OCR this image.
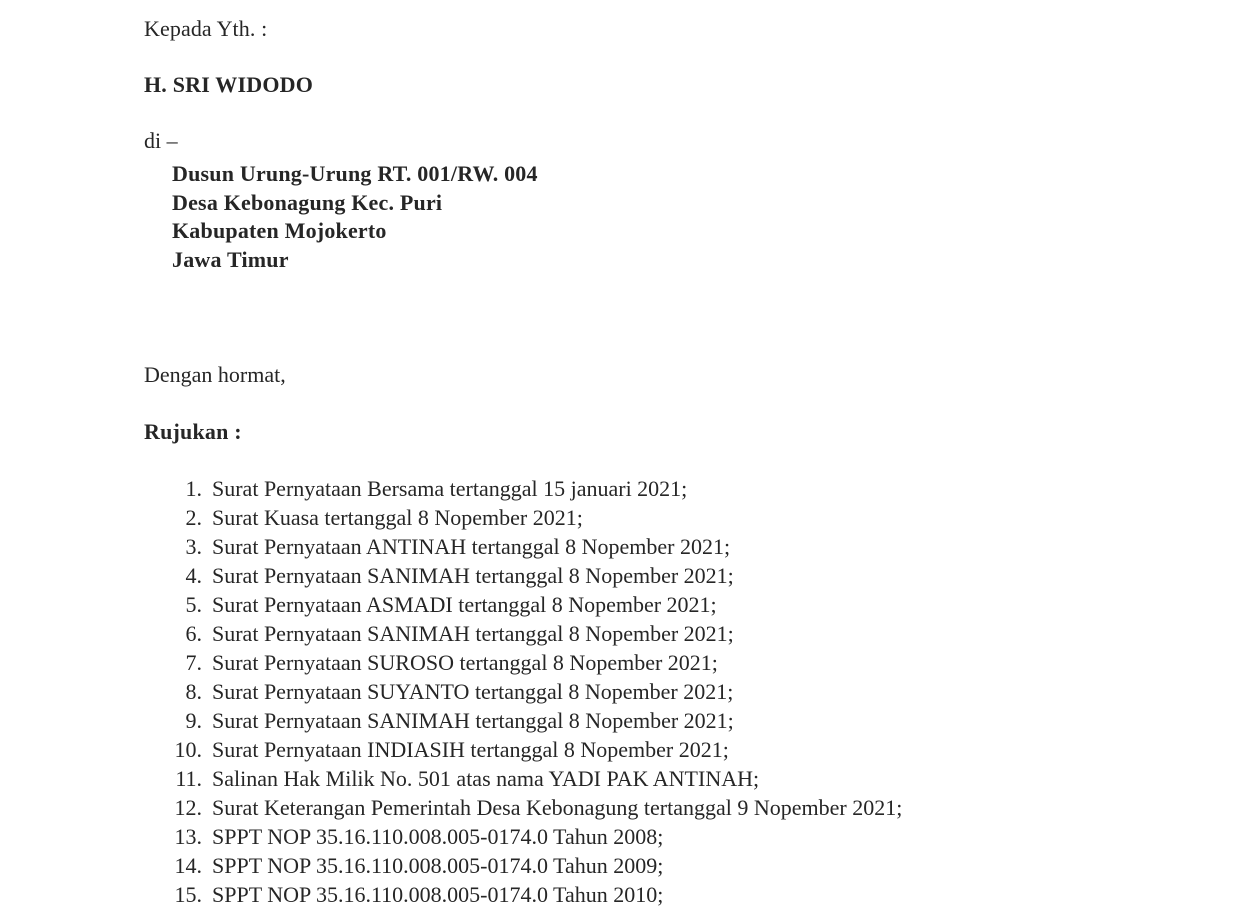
Kepada Yth. :
H. SRI WIDODO
di –
Dusun Urung-Urung RT. 001/RW. 004
Desa Kebonagung Kec. Puri
Kabupaten Mojokerto
Jawa Timur
Dengan hormat,
Rujukan :
1. Surat Pernyataan Bersama tertanggal 15 januari 2021;
2. Surat Kuasa tertanggal 8 Nopember 2021;
3. Surat Pernyataan ANTINAH tertanggal 8 Nopember 2021;
4. Surat Pernyataan SANIMAH tertanggal 8 Nopember 2021;
5. Surat Pernyataan ASMADI tertanggal 8 Nopember 2021;
6. Surat Pernyataan SANIMAH tertanggal 8 Nopember 2021;
7. Surat Pernyataan SUROSO tertanggal 8 Nopember 2021;
8. Surat Pernyataan SUYANTO tertanggal 8 Nopember 2021;
9. Surat Pernyataan SANIMAH tertanggal 8 Nopember 2021;
10. Surat Pernyataan INDIASIH tertanggal 8 Nopember 2021;
11. Salinan Hak Milik No. 501 atas nama YADI PAK ANTINAH;
12. Surat Keterangan Pemerintah Desa Kebonagung tertanggal 9 Nopember 2021;
13. SPPT NOP 35.16.110.008.005-0174.0 Tahun 2008;
14. SPPT NOP 35.16.110.008.005-0174.0 Tahun 2009;
15. SPPT NOP 35.16.110.008.005-0174.0 Tahun 2010;
